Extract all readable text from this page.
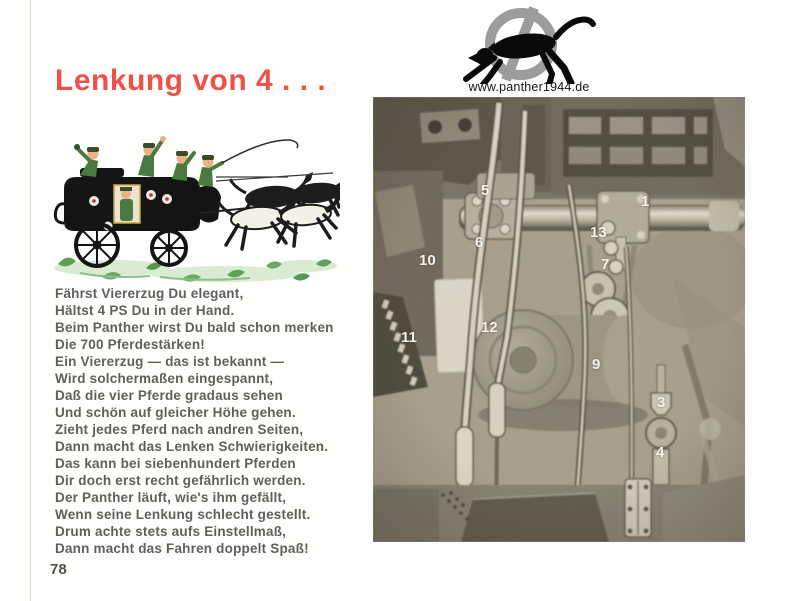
Lenkung von 4 . . .
Fährst Viererzug Du elegant,
Hältst 4 PS Du in der Hand.
Beim Panther wirst Du bald schon merken
Die 700 Pferdestärken!
Ein Viererzug — das ist bekannt —
Wird solchermaßen eingespannt,
Daß die vier Pferde gradaus sehen
Und schön auf gleicher Höhe gehen.
Zieht jedes Pferd nach andren Seiten,
Dann macht das Lenken Schwierigkeiten.
Das kann bei siebenhundert Pferden
Dir doch erst recht gefährlich werden.
Der Panther läuft, wie's ihm gefällt,
Wenn seine Lenkung schlecht gestellt.
Drum achte stets aufs Einstellmaß,
Dann macht das Fahren doppelt Spaß!
78
www.panther1944.de
5
6
10
12
11
1
13
7
9
3
4
